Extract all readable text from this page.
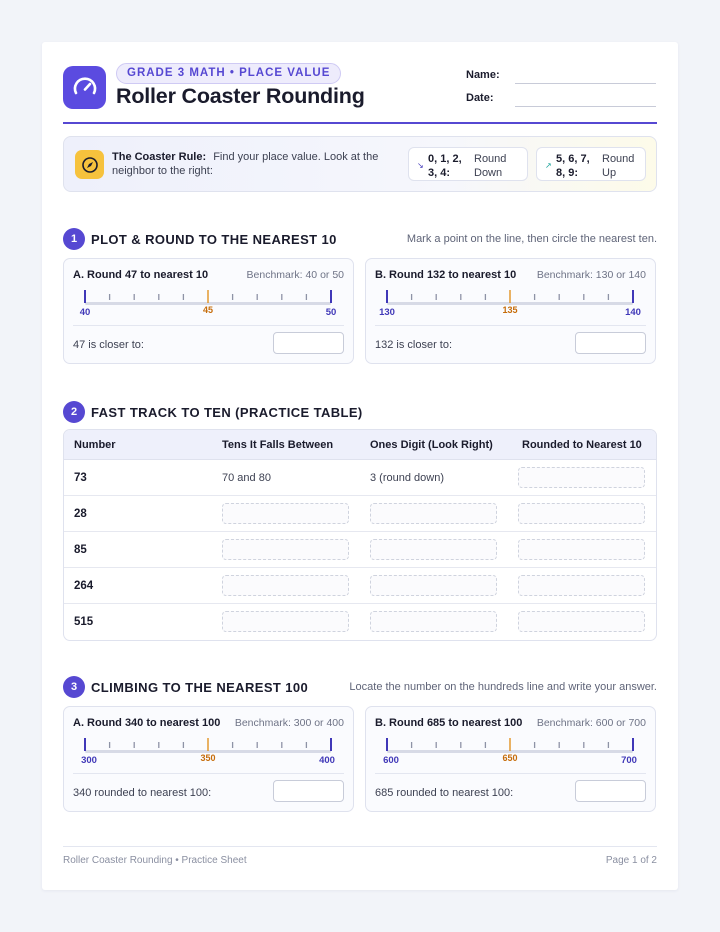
GRADE 3 MATH • PLACE VALUE
Roller Coaster Rounding
Name:
Date:
The Coaster Rule: Find your place value. Look at the neighbor to the right:	↘
0, 1, 2, 3, 4:
Round Down
↗
5, 6, 7, 8, 9:
Round Up
1	PLOT & ROUND TO THE NEAREST 10	Mark a point on the line, then circle the nearest ten.
A. Round 47 to nearest 10	Benchmark: 40 or 50
40	45	50
47 is closer to:
B. Round 132 to nearest 10 Benchmark: 130 or 140
130	135	140
132 is closer to:
2	FAST TRACK TO TEN (PRACTICE TABLE)
Number	Tens It Falls Between	Ones Digit (Look Right)	Rounded to Nearest 10
73	70 and 80	3 (round down)
28
85
264
515
3	CLIMBING TO THE NEAREST 100	Locate the number on the hundreds line and write your answer.
A. Round 340 to nearest 100 Benchmark: 300 or 400
300	350	400
340 rounded to nearest 100:
B. Round 685 to nearest 100 Benchmark: 600 or 700
600	650	700
685 rounded to nearest 100:
Roller Coaster Rounding • Practice Sheet	Page 1 of 2
